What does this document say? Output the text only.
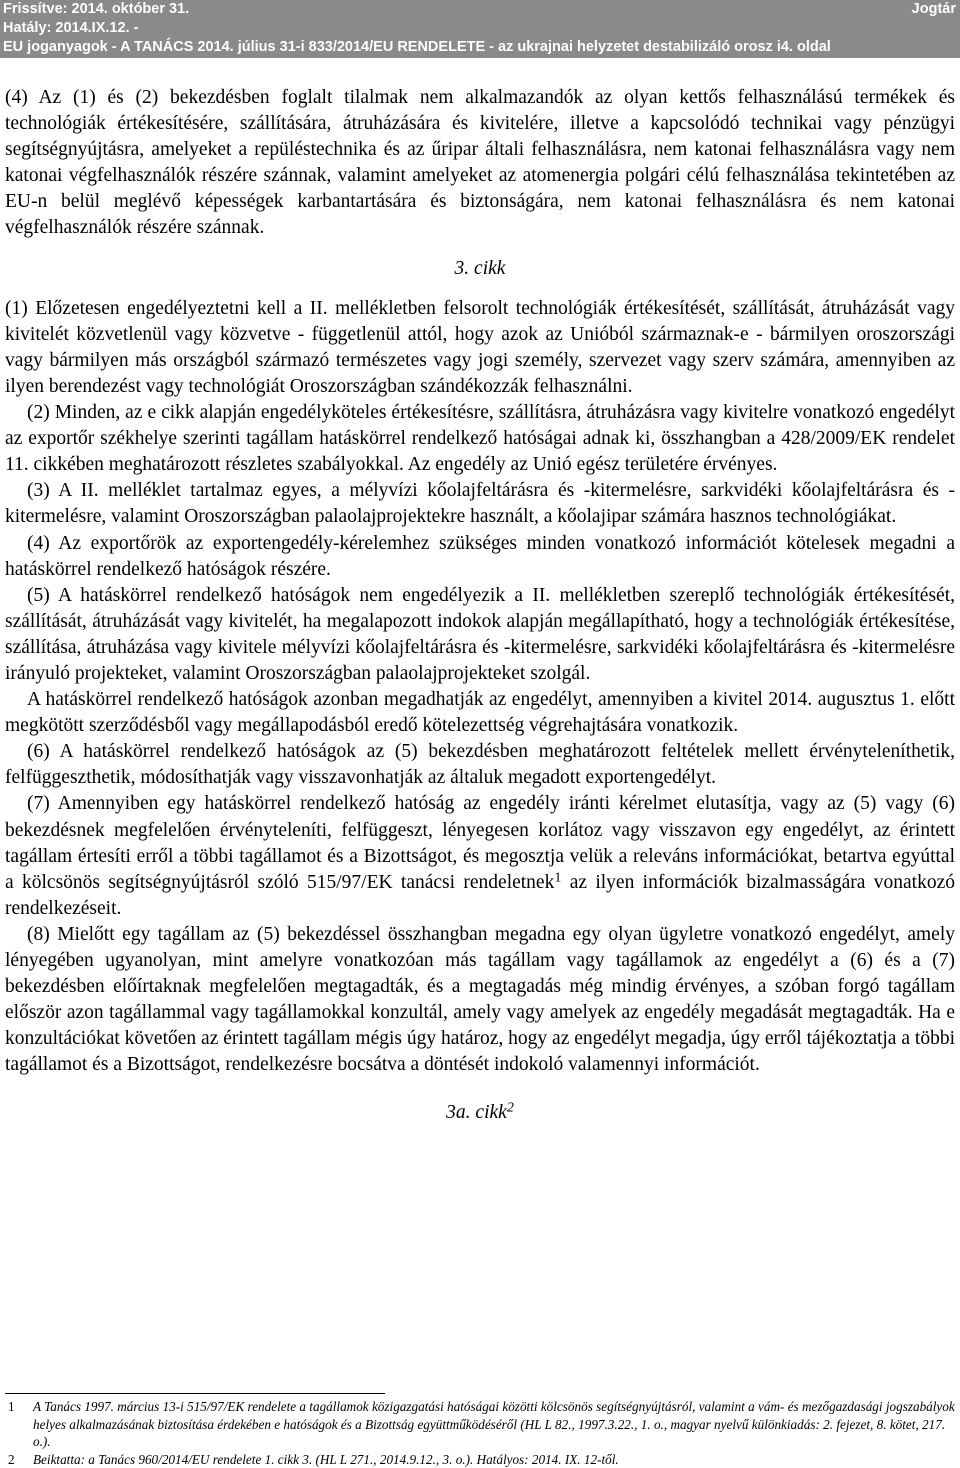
Frissítve: 2014. október 31.	Jogtár
Hatály: 2014.IX.12. -
EU joganyagok - A TANÁCS 2014. július 31-i 833/2014/EU RENDELETE - az ukrajnai helyzetet destabilizáló orosz i4. oldal

(4) Az (1) és (2) bekezdésben foglalt tilalmak nem alkalmazandók az olyan kettős felhasználású termékek és technológiák értékesítésére, szállítására, átruházására és kivitelére, illetve a kapcsolódó technikai vagy pénzügyi segítségnyújtásra, amelyeket a repüléstechnika és az űripar általi felhasználásra, nem katonai felhasználásra vagy nem katonai végfelhasználók részére szánnak, valamint amelyeket az atomenergia polgári célú felhasználása tekintetében az EU-n belül meglévő képességek karbantartására és biztonságára, nem katonai felhasználásra és nem katonai végfelhasználók részére szánnak.

3. cikk

(1) Előzetesen engedélyeztetni kell a II. mellékletben felsorolt technológiák értékesítését, szállítását, átruházását vagy kivitelét közvetlenül vagy közvetve - függetlenül attól, hogy azok az Unióból származnak-e - bármilyen oroszországi vagy bármilyen más országból származó természetes vagy jogi személy, szervezet vagy szerv számára, amennyiben az ilyen berendezést vagy technológiát Oroszországban szándékozzák felhasználni.

(2) Minden, az e cikk alapján engedélyköteles értékesítésre, szállításra, átruházásra vagy kivitelre vonatkozó engedélyt az exportőr székhelye szerinti tagállam hatáskörrel rendelkező hatóságai adnak ki, összhangban a 428/2009/EK rendelet 11. cikkében meghatározott részletes szabályokkal. Az engedély az Unió egész területére érvényes.

(3) A II. melléklet tartalmaz egyes, a mélyvízi kőolajfeltárásra és -kitermelésre, sarkvidéki kőolajfeltárásra és -kitermelésre, valamint Oroszországban palaolajprojektekre használt, a kőolajipar számára hasznos technológiákat.

(4) Az exportőrök az exportengedély-kérelemhez szükséges minden vonatkozó információt kötelesek megadni a hatáskörrel rendelkező hatóságok részére.

(5) A hatáskörrel rendelkező hatóságok nem engedélyezik a II. mellékletben szereplő technológiák értékesítését, szállítását, átruházását vagy kivitelét, ha megalapozott indokok alapján megállapítható, hogy a technológiák értékesítése, szállítása, átruházása vagy kivitele mélyvízi kőolajfeltárásra és -kitermelésre, sarkvidéki kőolajfeltárásra és -kitermelésre irányuló projekteket, valamint Oroszországban palaolajprojekteket szolgál.

A hatáskörrel rendelkező hatóságok azonban megadhatják az engedélyt, amennyiben a kivitel 2014. augusztus 1. előtt megkötött szerződésből vagy megállapodásból eredő kötelezettség végrehajtására vonatkozik.

(6) A hatáskörrel rendelkező hatóságok az (5) bekezdésben meghatározott feltételek mellett érvényteleníthetik, felfüggeszthetik, módosíthatják vagy visszavonhatják az általuk megadott exportengedélyt.

(7) Amennyiben egy hatáskörrel rendelkező hatóság az engedély iránti kérelmet elutasítja, vagy az (5) vagy (6) bekezdésnek megfelelően érvényteleníti, felfüggeszt, lényegesen korlátoz vagy visszavon egy engedélyt, az érintett tagállam értesíti erről a többi tagállamot és a Bizottságot, és megosztja velük a releváns információkat, betartva egyúttal a kölcsönös segítségnyújtásról szóló 515/97/EK tanácsi rendeletnek$^1$ az ilyen információk bizalmasságára vonatkozó rendelkezéseit.

(8) Mielőtt egy tagállam az (5) bekezdéssel összhangban megadna egy olyan ügyletre vonatkozó engedélyt, amely lényegében ugyanolyan, mint amelyre vonatkozóan más tagállam vagy tagállamok az engedélyt a (6) és a (7) bekezdésben előírtaknak megfelelően megtagadták, és a megtagadás még mindig érvényes, a szóban forgó tagállam először azon tagállammal vagy tagállamokkal konzultál, amely vagy amelyek az engedély megadását megtagadták. Ha e konzultációkat követően az érintett tagállam mégis úgy határoz, hogy az engedélyt megadja, úgy erről tájékoztatja a többi tagállamot és a Bizottságot, rendelkezésre bocsátva a döntését indokoló valamennyi információt.

3a. cikk$^2$

1 A Tanács 1997. március 13-i 515/97/EK rendelete a tagállamok közigazgatási hatóságai közötti kölcsönös segítségnyújtásról, valamint a vám- és mezőgazdasági jogszabályok helyes alkalmazásának biztosítása érdekében e hatóságok és a Bizottság együttműködéséről (HL L 82., 1997.3.22., 1. o., magyar nyelvű különkiadás: 2. fejezet, 8. kötet, 217. o.).
2 Beiktatta: a Tanács 960/2014/EU rendelete 1. cikk 3. (HL L 271., 2014.9.12., 3. o.). Hatályos: 2014. IX. 12-től.
